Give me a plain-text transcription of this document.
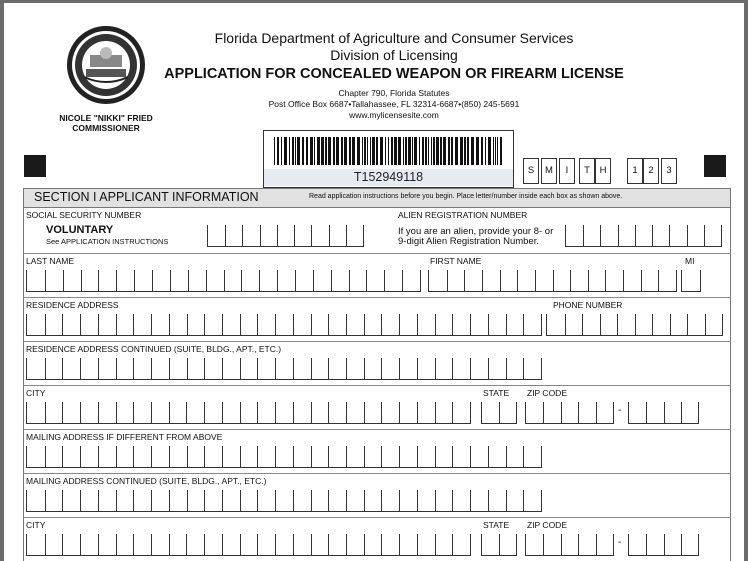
NICOLE "NIKKI" FRIED
COMMISSIONER
Florida Department of Agriculture and Consumer Services
Division of Licensing
APPLICATION FOR CONCEALED WEAPON OR FIREARM LICENSE
Chapter 790, Florida Statutes
Post Office Box 6687•Tallahassee, FL 32314-6687•(850) 245-5691
www.mylicensesite.com
T152949118	S	M	I	T	H	1	2	3
SECTION I APPLICANT INFORMATION	Read application instructions before you begin. Place letter/number inside each box as shown above.
SOCIAL SECURITY NUMBER
VOLUNTARY
See APPLICATION INSTRUCTIONS
ALIEN REGISTRATION NUMBER
If you are an alien, provide your 8- or
9-digit Alien Registration Number.
LAST NAME	FIRST NAME	MI
RESIDENCE ADDRESS	PHONE NUMBER
RESIDENCE ADDRESS CONTINUED (SUITE, BLDG., APT., ETC.)
CITY	STATE ZIP CODE
-
MAILING ADDRESS IF DIFFERENT FROM ABOVE
MAILING ADDRESS CONTINUED (SUITE, BLDG., APT., ETC.)
CITY	STATE ZIP CODE
-
